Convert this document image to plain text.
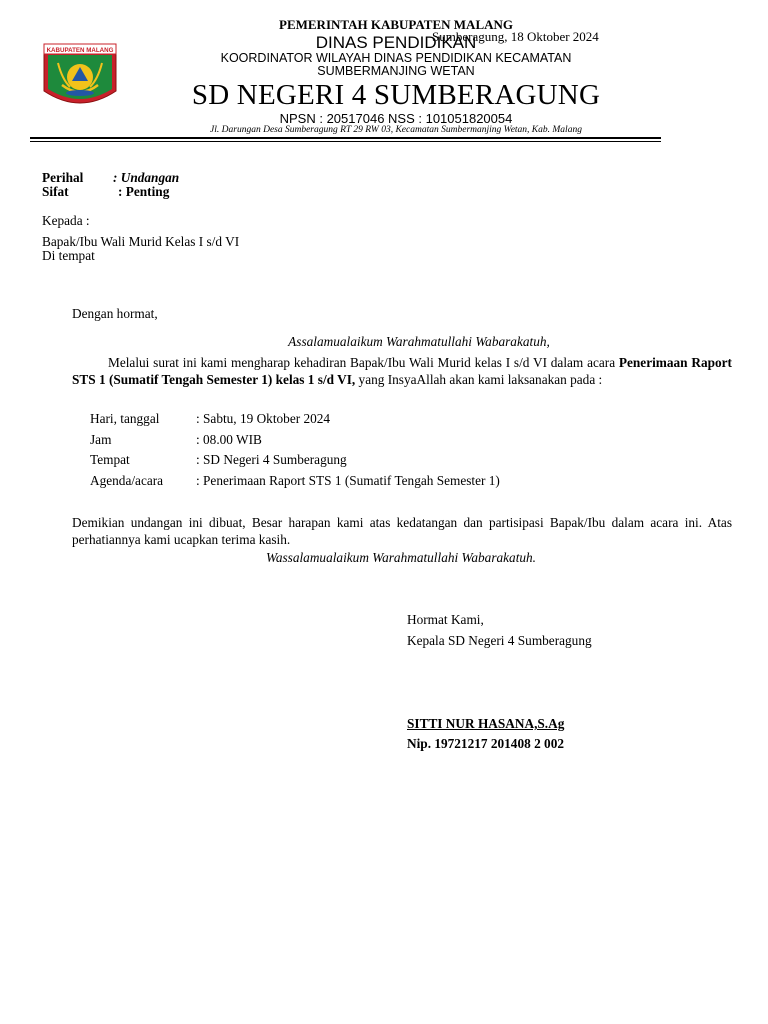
KABUPATEN MALANG
PEMERINTAH KABUPATEN MALANG
DINAS PENDIDIKAN
Sumberagung, 18 Oktober 2024
KOORDINATOR WILAYAH DINAS PENDIDIKAN KECAMATAN
SUMBERMANJING WETAN
SD NEGERI 4 SUMBERAGUNG
NPSN : 20517046 NSS : 101051820054
Jl. Darungan Desa Sumberagung RT 29 RW 03, Kecamatan Sumbermanjing Wetan, Kab. Malang
Perihal : Undangan
Sifat	: Penting
Kepada :
Bapak/Ibu Wali Murid Kelas I s/d VI
Di tempat
Dengan hormat,
Assalamualaikum Warahmatullahi Wabarakatuh,
Melalui surat ini kami mengharap kehadiran Bapak/Ibu Wali Murid kelas I s/d VI dalam acara Penerimaan Raport STS 1 (Sumatif Tengah Semester 1) kelas 1 s/d VI, yang InsyaAllah akan kami laksanakan pada :
Hari, tanggal	: Sabtu, 19 Oktober 2024
Jam	: 08.00 WIB
Tempat	: SD Negeri 4 Sumberagung
Agenda/acara : Penerimaan Raport STS 1 (Sumatif Tengah Semester 1)
Demikian undangan ini dibuat, Besar harapan kami atas kedatangan dan partisipasi Bapak/Ibu dalam acara ini. Atas perhatiannya kami ucapkan terima kasih.
Wassalamualaikum Warahmatullahi Wabarakatuh.
Hormat Kami,
Kepala SD Negeri 4 Sumberagung
SITTI NUR HASANA,S.Ag
Nip. 19721217 201408 2 002
